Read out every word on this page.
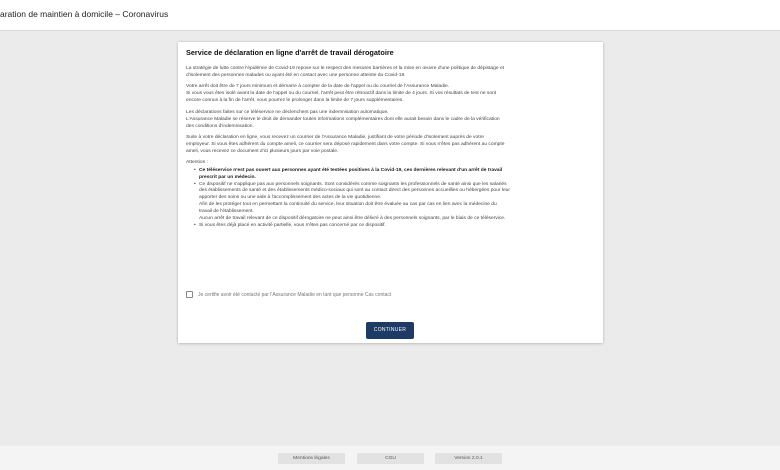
aration de maintien à domicile – Coronavirus
Service de déclaration en ligne d'arrêt de travail dérogatoire

La stratégie de lutte contre l'épidémie de Covid-19 repose sur le respect des mesures barrières et la mise en œuvre d'une politique de dépistage et
d'isolement des personnes malades ou ayant été en contact avec une personne atteinte du Covid-19.

Votre arrêt doit être de 7 jours minimum et démarre à compter de la date de l'appel ou du courriel de l'Assurance Maladie.
Si vous vous êtes isolé avant la date de l'appel ou du courriel, l'arrêt peut être rétroactif dans la limite de 4 jours. Si vos résultats de test ne sont
encore connus à la fin de l'arrêt, vous pourrez le prolonger dans la limite de 7 jours supplémentaires.

Les déclarations faites sur ce téléservice ne déclenchent pas une indemnisation automatique.
L'Assurance Maladie se réserve le droit de demander toutes informations complémentaires dont elle aurait besoin dans le cadre de la vérification
des conditions d'indemnisation.

Suite à votre déclaration en ligne, vous recevez un courrier de l'Assurance Maladie, justifiant de votre période d'isolement auprès de votre
employeur. Si vous êtes adhérent du compte ameli, ce courrier sera déposé rapidement dans votre compte. Si vous n'êtes pas adhérent au compte
ameli, vous recevez ce document d'ici plusieurs jours par voie postale.

Attention :

• Ce téléservice n'est pas ouvert aux personnes ayant été testées positives à la Covid-19, ces dernières relevant d'un arrêt de travail
prescrit par un médecin.
• Ce dispositif ne s'applique pas aux personnels soignants. Sont considérés comme soignants les professionnels de santé ainsi que les salariés
des établissements de santé et des établissements médico-sociaux qui sont au contact direct des personnes accueillies ou hébergées pour leur
apporter des soins ou une aide à l'accomplissement des actes de la vie quotidienne.
Afin de les protéger tout en permettant la continuité du service, leur situation doit être évaluée au cas par cas en lien avec la médecine du
travail de l'établissement.
Aucun arrêt de travail relevant de ce dispositif dérogatoire ne peut ainsi être délivré à des personnels soignants, par le biais de ce téléservice.
• Si vous êtes déjà placé en activité partielle, vous n'êtes pas concerné par ce dispositif.
Je certifie avoir été contacté par l'Assurance Maladie en tant que personne Cas contact
CONTINUER
Mentions légales	CGU	Version 2.0.1
